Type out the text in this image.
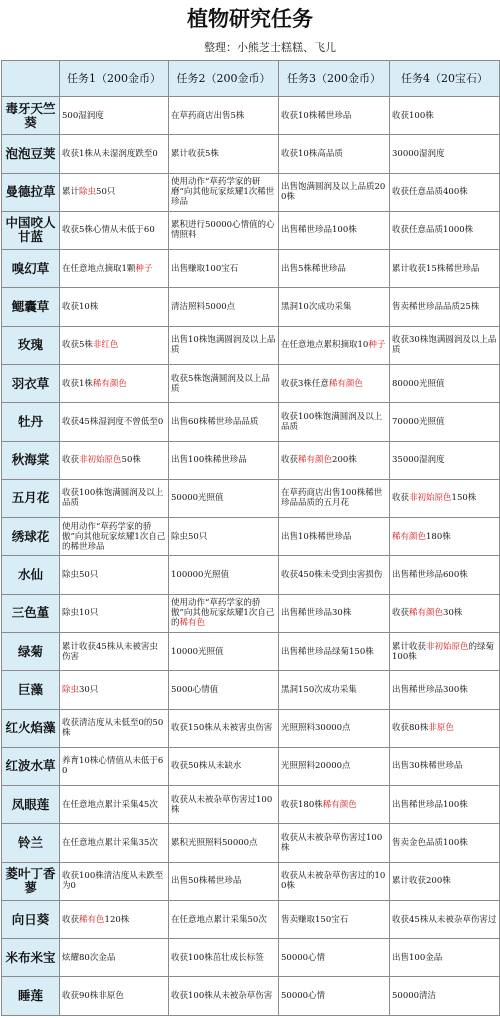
植物研究任务
整理：小熊芝士糕糕、飞儿
	任务1（200金币）	任务2（200金币）	任务3（200金币）	任务4（20宝石）
毒牙天竺葵	500湿润度	在草药商店出售5株	收获10株稀世珍品	收获100株
泡泡豆荚	收获1株从未湿润度跌至0	累计收获5株	收获10株高品质	30000湿润度
曼德拉草	累计除虫50只	使用动作“草药学家的研磨”向其他玩家炫耀1次稀世珍品	出售饱满圆润及以上品质200株	收获任意品质400株
中国咬人甘蓝	收获5株心情从未低于60	累积进行50000心情值的心情照料	出售稀世珍品100株	收获任意品质1000株
嗅幻草	在任意地点摘取1颗种子	出售赚取100宝石	出售5株稀世珍品	累计收获15株稀世珍品
鳃囊草	收获10株	清洁照料5000点	黑洞10次成功采集	售卖稀世珍品品质25株
玫瑰	收获5株非红色	出售10株饱满圆润及以上品质	在任意地点累积摘取10种子	收获30株饱满圆润及以上品质
羽衣草	收获1株稀有颜色	收获5株饱满圆润及以上品质	收获3株任意稀有颜色	80000光照值
牡丹	收获45株湿润度不曾低至0	出售60株稀世珍品品质	收获100株饱满圆润及以上品质	70000光照值
秋海棠	收获非初始原色50株	出售100株稀世珍品	收获稀有颜色200株	35000湿润度
五月花	收获100株饱满圆润及以上品质	50000光照值	在草药商店出售100株稀世珍品品质的五月花	收获非初始原色150株
绣球花	使用动作“草药学家的骄傲”向其他玩家炫耀1次自己的稀世珍品	除虫50只	出售10株稀世珍品	稀有颜色180株
水仙	除虫50只	100000光照值	收获450株未受到虫害损伤	出售稀世珍品600株
三色堇	除虫10只	使用动作“草药学家的骄傲”向其他玩家炫耀1次自己的稀有色	出售稀世珍品30株	收获稀有颜色30株
绿菊	累计收获45株从未被害虫伤害	10000光照值	出售稀世珍品绿菊150株	累计收获非初始原色的绿菊100株
巨藻	除虫30只	5000心情值	黑洞150次成功采集	出售稀世珍品300株
红火焰藻	收获清洁度从未低至0的50株	收获150株从未被害虫伤害	光照照料30000点	收获80株非原色
红波水草	养育10株心情值从未低于60	收获50株从未缺水	光照照料20000点	出售30株稀世珍品
凤眼莲	在任意地点累计采集45次	收获从未被杂草伤害过100株	收获180株稀有颜色	出售稀世珍品100株
铃兰	在任意地点累计采集35次	累积光照照料50000点	收获从未被杂草伤害过100株	售卖金色品质100株
菱叶丁香蓼	收获100株清洁度从未跌至为0	出售50株稀世珍品	收获从未被杂草伤害过的100株	累计收获200株
向日葵	收获稀有色120株	在任意地点累计采集50次	售卖赚取150宝石	收获45株从未被杂草伤害过
米布米宝	炫耀80次金品	收获100株茁壮成长标签	50000心情	出售100金品
睡莲	收获90株非原色	收获100株从未被杂草伤害	50000心情	50000清洁
